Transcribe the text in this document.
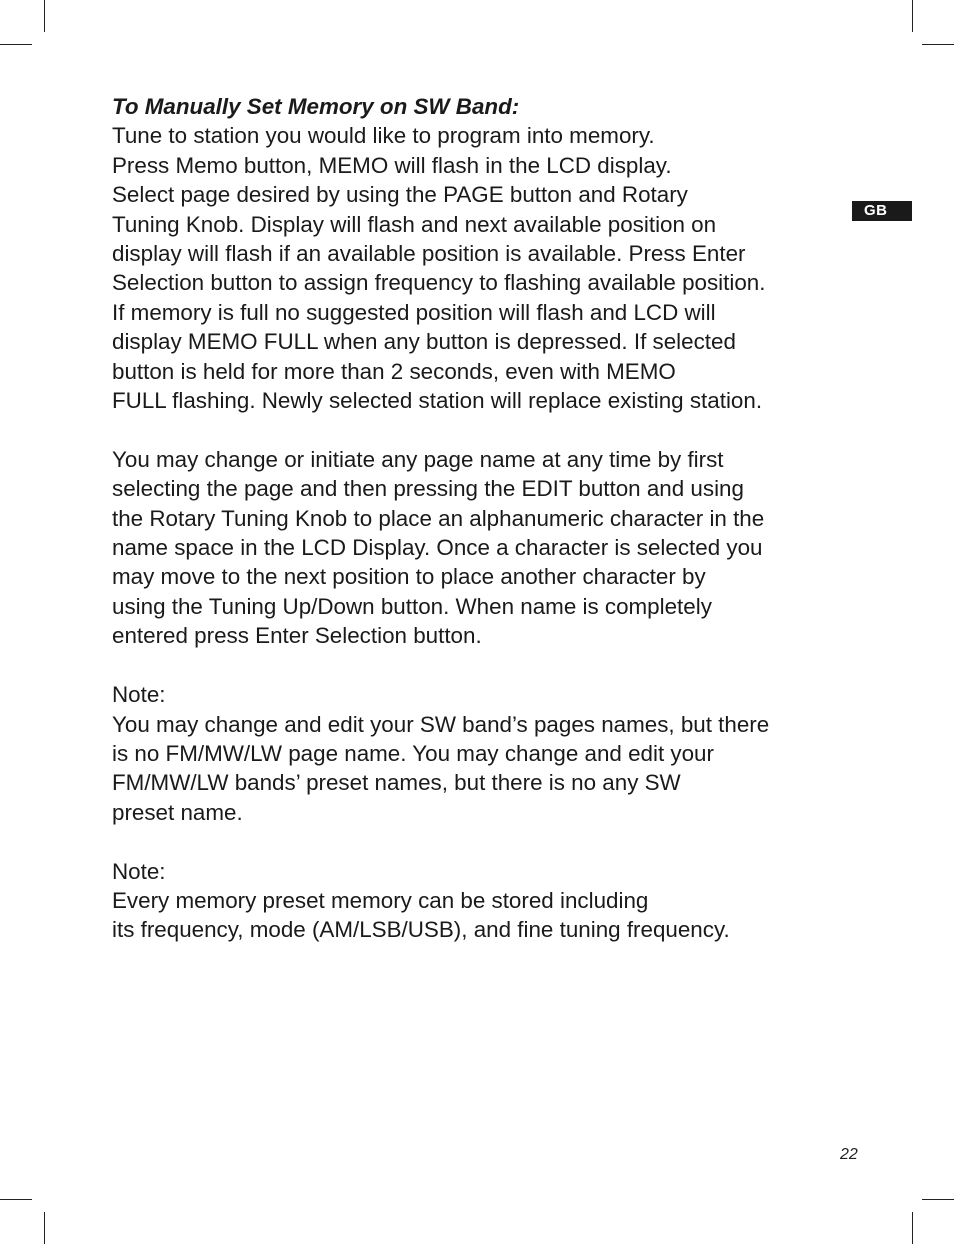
GB

To Manually Set Memory on SW Band:

Tune to station you would like to program into memory.
Press Memo button, MEMO will flash in the LCD display.
Select page desired by using the PAGE button and Rotary
Tuning Knob. Display will flash and next available position on
display will flash if an available position is available. Press Enter
Selection button to assign frequency to flashing available position.
If memory is full no suggested position will flash and LCD will
display MEMO FULL when any button is depressed. If selected
button is held for more than 2 seconds, even with MEMO
FULL flashing. Newly selected station will replace existing station.

You may change or initiate any page name at any time by first
selecting the page and then pressing the EDIT button and using
the Rotary Tuning Knob to place an alphanumeric character in the
name space in the LCD Display. Once a character is selected you
may move to the next position to place another character by
using the Tuning Up/Down button. When name is completely
entered press Enter Selection button.

Note:
You may change and edit your SW band’s pages names, but there
is no FM/MW/LW page name. You may change and edit your
FM/MW/LW bands’ preset names, but there is no any SW
preset name.

Note:
Every memory preset memory can be stored including
its frequency, mode (AM/LSB/USB), and fine tuning frequency.

22
